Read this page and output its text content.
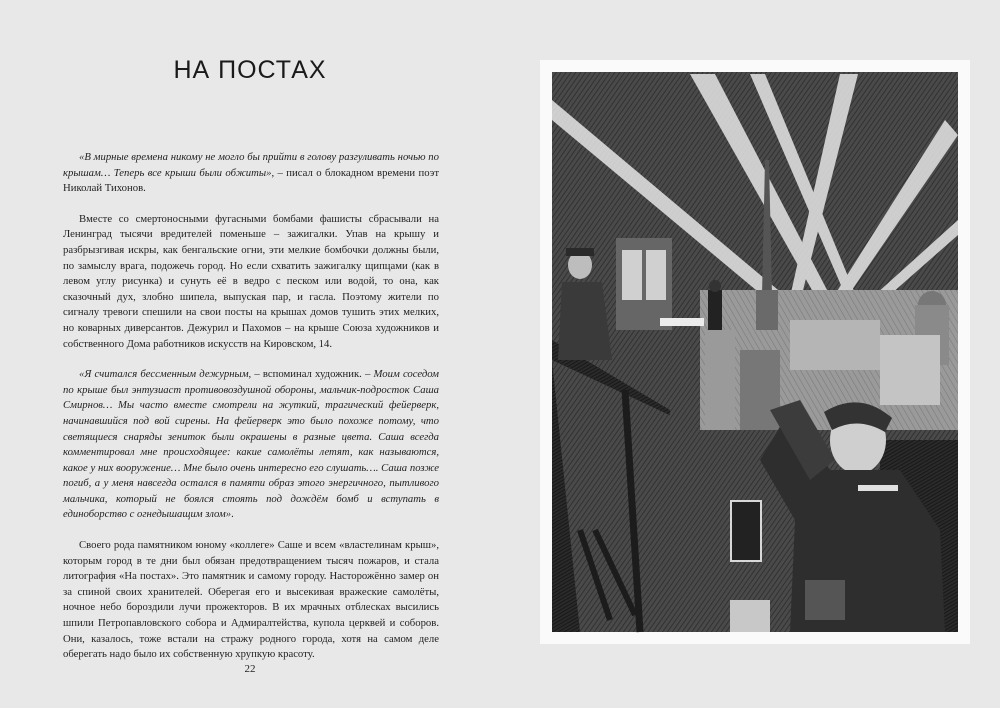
НА ПОСТАХ

«В мирные времена никому не могло бы прийти в голову разгуливать ночью по крышам… Теперь все крыши были обжиты», – писал о блокадном времени поэт Николай Тихонов.

Вместе со смертоносными фугасными бомбами фашисты сбрасывали на Ленинград тысячи вредителей поменьше – зажигалки. Упав на крышу и разбрызгивая искры, как бенгальские огни, эти мелкие бомбочки должны были, по замыслу врага, подожечь город. Но если схватить зажигалку щипцами (как в левом углу рисунка) и сунуть её в ведро с песком или водой, то она, как сказочный дух, злобно шипела, выпуская пар, и гасла. Поэтому жители по сигналу тревоги спешили на свои посты на крышах домов тушить этих мелких, но коварных диверсантов. Дежурил и Пахомов – на крыше Союза художников и собственного Дома работников искусств на Кировском, 14.

«Я считался бессменным дежурным, – вспоминал художник. – Моим соседом по крыше был энтузиаст противовоздушной обороны, мальчик-подросток Саша Смирнов… Мы часто вместе смотрели на жуткий, трагический фейерверк, начинавшийся под вой сирены. На фейерверк это было похоже потому, что светящиеся снаряды зениток были окрашены в разные цвета. Саша всегда комментировал мне происходящее: какие самолёты летят, как называются, какое у них вооружение… Мне было очень интересно его слушать…. Саша позже погиб, а у меня навсегда остался в памяти образ этого энергичного, пытливого мальчика, который не боялся стоять под дождём бомб и вступать в единоборство с огнедышащим злом».

Своего рода памятником юному «коллеге» Саше и всем «властелинам крыш», которым город в те дни был обязан предотвращением тысяч пожаров, и стала литография «На постах». Это памятник и самому городу. Насторожённо замер он за спиной своих хранителей. Оберегая его и высекивая вражеские самолёты, ночное небо бороздили лучи прожекторов. В их мрачных отблесках высились шпили Петропавловского собора и Адмиралтейства, купола церквей и соборов. Они, казалось, тоже встали на стражу родного города, хотя на самом деле оберегать надо было их собственную хрупкую красоту.

22
